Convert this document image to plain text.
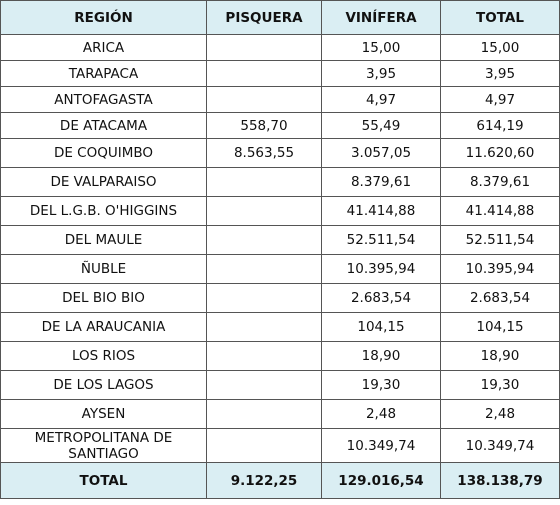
REGIÓN	PISQUERA	VINÍFERA	TOTAL
ARICA		15,00	15,00
TARAPACA		3,95	3,95
ANTOFAGASTA		4,97	4,97
DE ATACAMA	558,70	55,49	614,19
DE COQUIMBO	8.563,55	3.057,05	11.620,60
DE VALPARAISO		8.379,61	8.379,61
DEL L.G.B. O'HIGGINS		41.414,88	41.414,88
DEL MAULE		52.511,54	52.511,54
ÑUBLE		10.395,94	10.395,94
DEL BIO BIO		2.683,54	2.683,54
DE LA ARAUCANIA		104,15	104,15
LOS RIOS		18,90	18,90
DE LOS LAGOS		19,30	19,30
AYSEN		2,48	2,48
METROPOLITANA DE SANTIAGO		10.349,74	10.349,74
TOTAL	9.122,25	129.016,54	138.138,79
